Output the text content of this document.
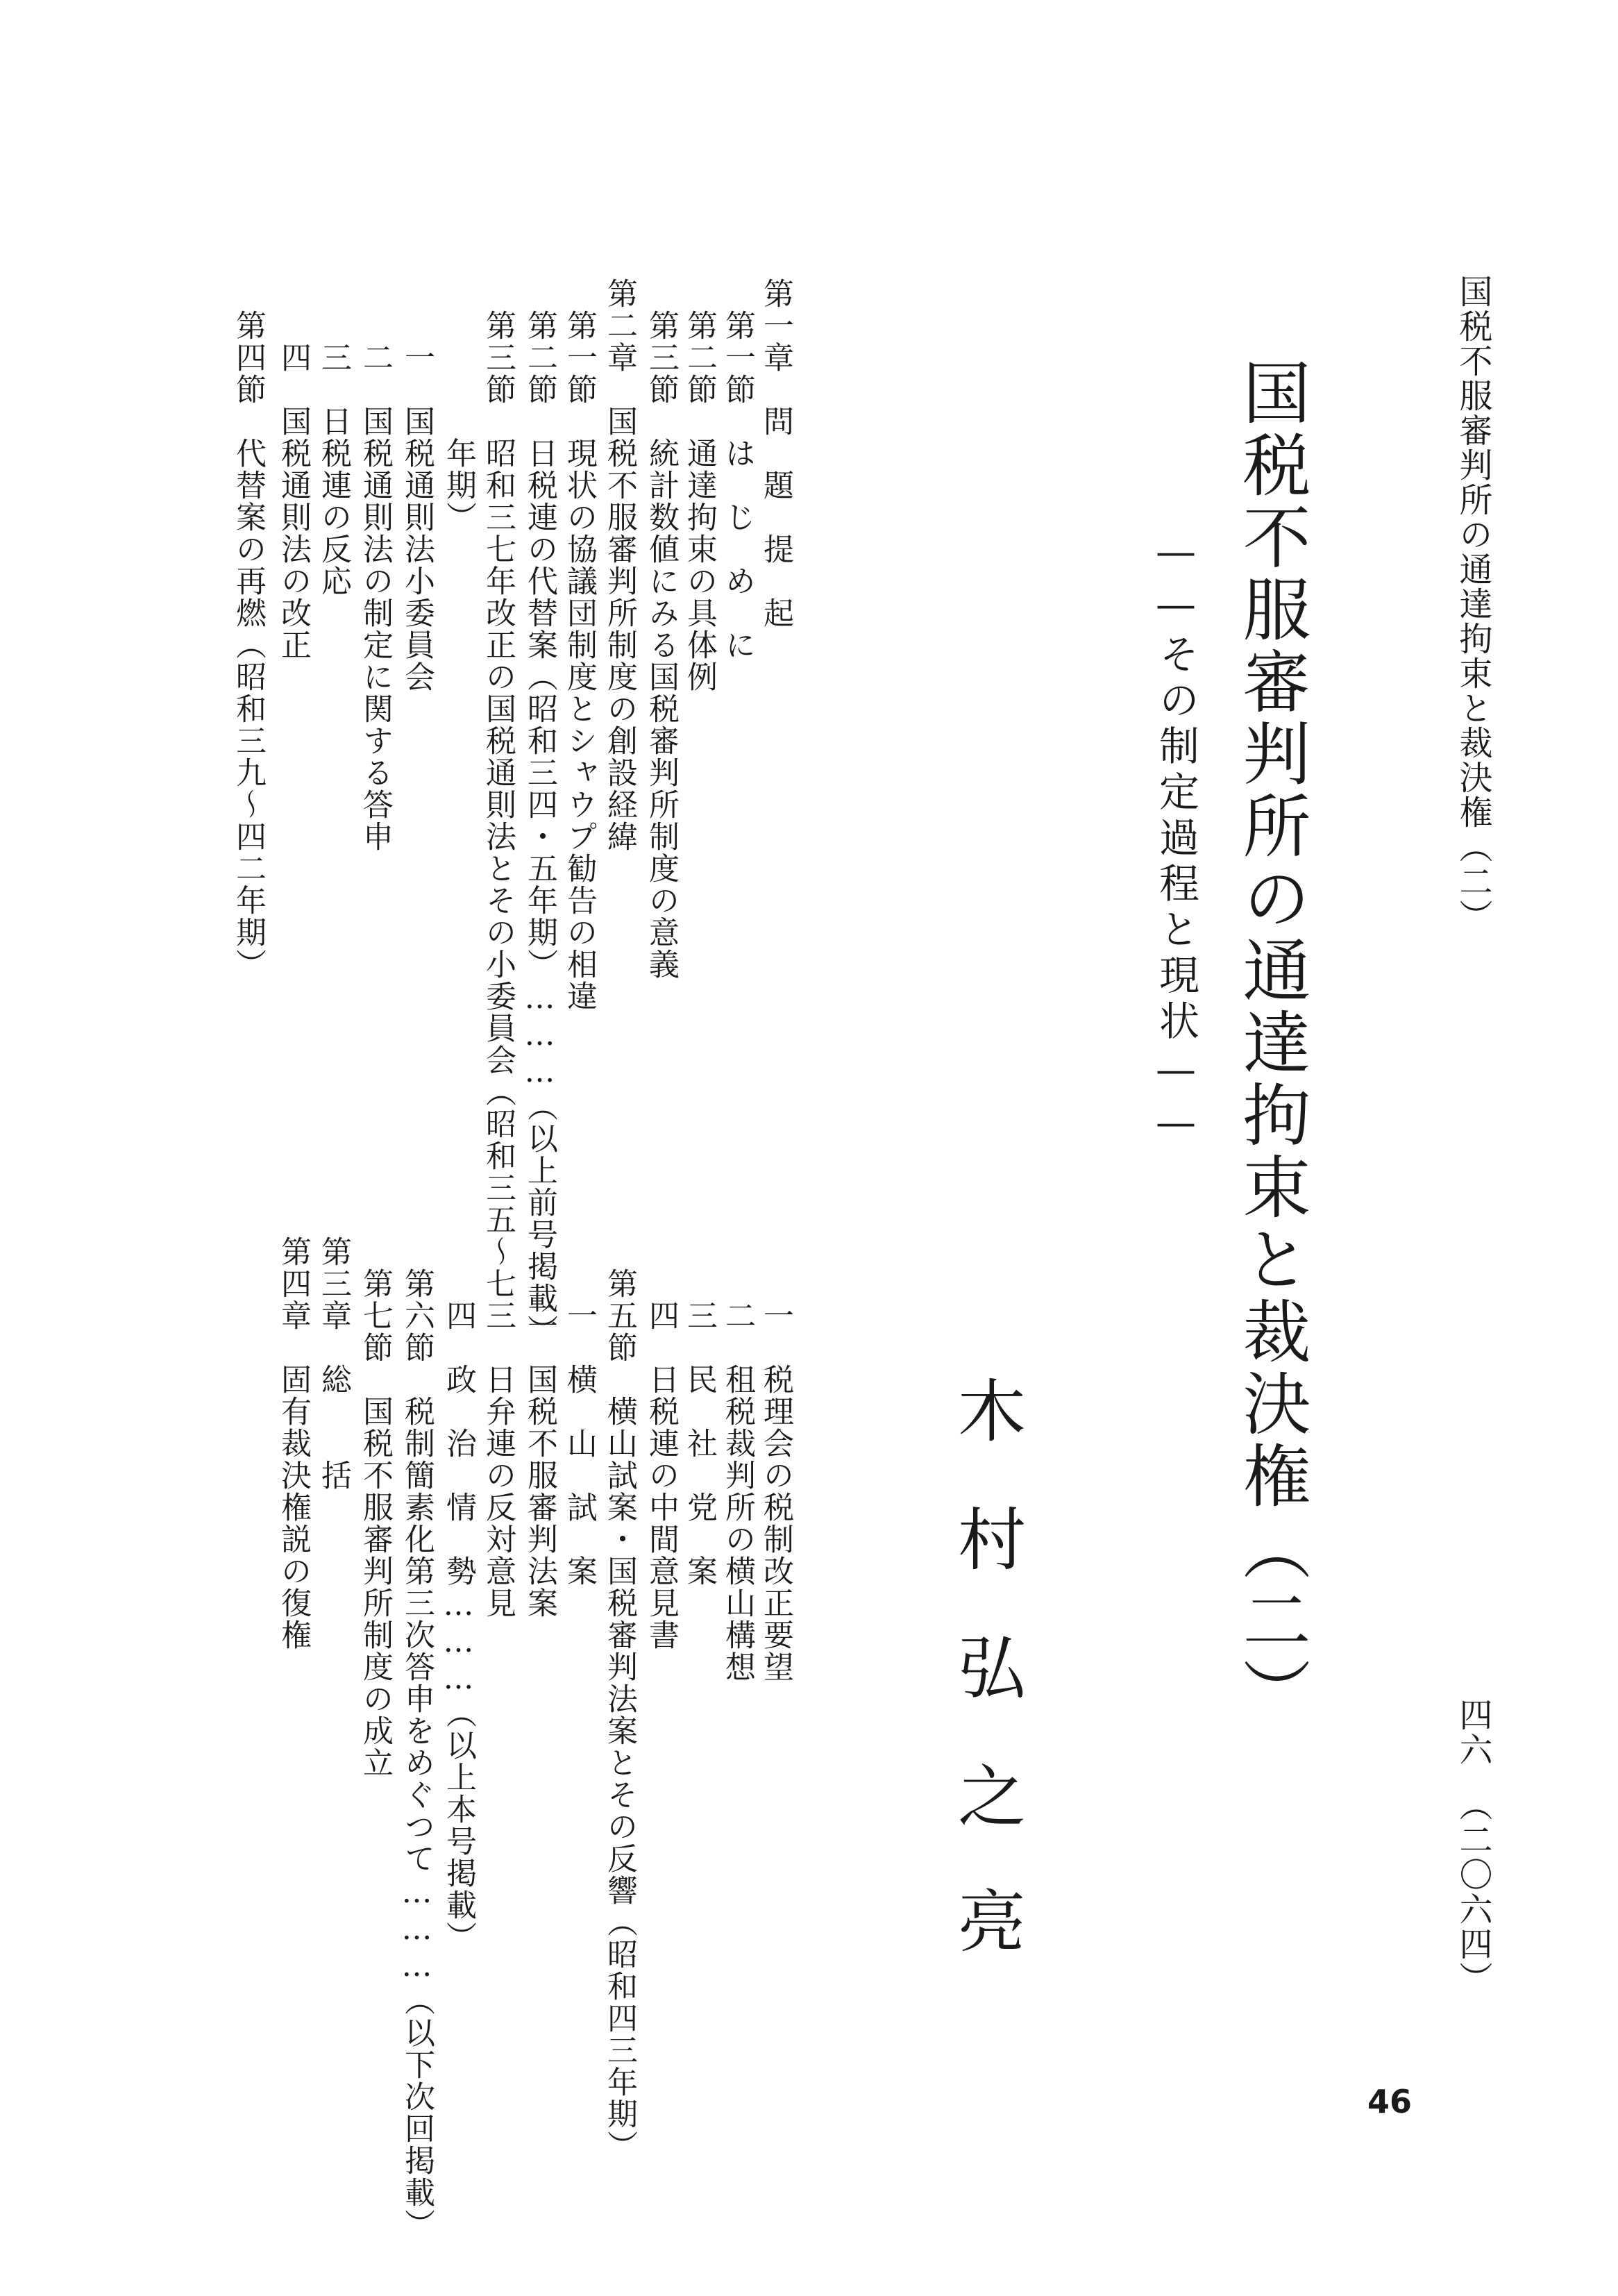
国税不服審判所の通達拘束と裁決権（二）
四六
（二〇六四）
46
国税不服審判所の通達拘束と裁決権（二）
——その制定過程と現状——
木
村
弘
之
亮
第一章　問　題　提　起
　第一節　は　じ　め　に
　第二節　通達拘束の具体例
　第三節　統計数値にみる国税審判所制度の意義
第二章　国税不服審判所制度の創設経緯
　第一節　現状の協議団制度とシャウプ勧告の相違
　第二節　日税連の代替案（昭和三四・五年期）………（以上前号掲載）
　第三節　昭和三七年改正の国税通則法とその小委員会（昭和三五〜七
　　　　　年期）
　　一　国税通則法小委員会
　　二　国税通則法の制定に関する答申
　　三　日税連の反応
　　四　国税通則法の改正
　第四節　代替案の再燃（昭和三九〜四二年期）
　　一　税理会の税制改正要望
　　二　租税裁判所の横山構想
　　三　民　社　党　案
　　四　日税連の中間意見書
　第五節　横山試案・国税審判法案とその反響（昭和四三年期）
　　一　横　山　試　案
　　二　国税不服審判法案
　　三　日弁連の反対意見
　　四　政　治　情　勢………（以上本号掲載）
　第六節　税制簡素化第三次答申をめぐつて………（以下次回掲載）
　第七節　国税不服審判所制度の成立
第三章　総　　括
第四章　固有裁決権説の復権
